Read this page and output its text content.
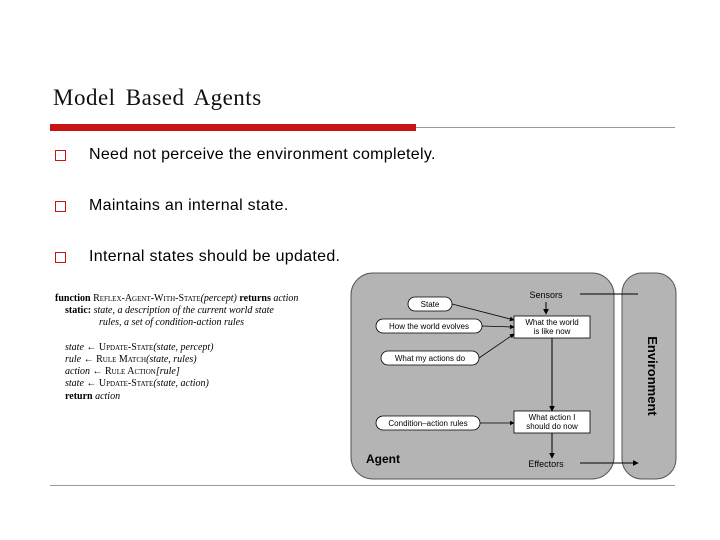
Model Based Agents
Need not perceive the environment completely.
Maintains an internal state.
Internal states should be updated.
function Reflex-Agent-With-State(percept) returns action
static: state, a description of the current world state
rules, a set of condition-action rules
state ← Update-State(state, percept)
rule ← Rule Match(state, rules)
action ← Rule Action[rule]
state ← Update-State(state, action)
return action	Environment
Sensors
Effectors
Agent
State
How the world evolves
What my actions do
Condition–action rules
What the world
is like now
What action I
should do now
